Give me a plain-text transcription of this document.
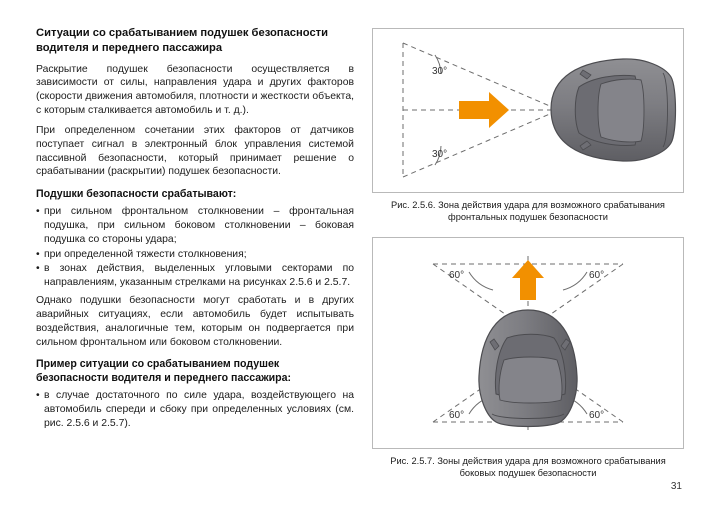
Ситуации со срабатыванием подушек безопасности водителя и переднего пассажира

Раскрытие подушек безопасности осуществляется в зависимости от силы, направления удара и других факторов (скорости движения автомобиля, плотности и жесткости объекта, с которым сталкивается автомобиль и т. д.).

При определенном сочетании этих факторов от датчиков поступает сигнал в электронный блок управления системой пассивной безопасности, который принимает решение о срабатывании (раскрытии) подушек безопасности.

Подушки безопасности срабатывают:
• при сильном фронтальном столкновении – фронтальная подушка, при сильном боковом столкновении – боковая подушка со стороны удара;
• при определенной тяжести столкновения;
• в зонах действия, выделенных угловыми секторами по направлениям, указанным стрелками на рисунках 2.5.6 и 2.5.7.

Однако подушки безопасности могут сработать и в других аварийных ситуациях, если автомобиль будет испытывать воздействия, аналогичные тем, которым он подвергается при сильном фронтальном или боковом столкновении.

Пример ситуации со срабатыванием подушек безопасности водителя и переднего пассажира:
• в случае достаточного по силе удара, воздействующего на автомобиль спереди и сбоку при определенных условиях (см. рис. 2.5.6 и 2.5.7).
30°
30°
Рис. 2.5.6. Зона действия удара для возможного срабатывания фронтальных подушек безопасности
60°	60°
60°	60°
Рис. 2.5.7. Зоны действия удара для возможного срабатывания боковых подушек безопасности
31
